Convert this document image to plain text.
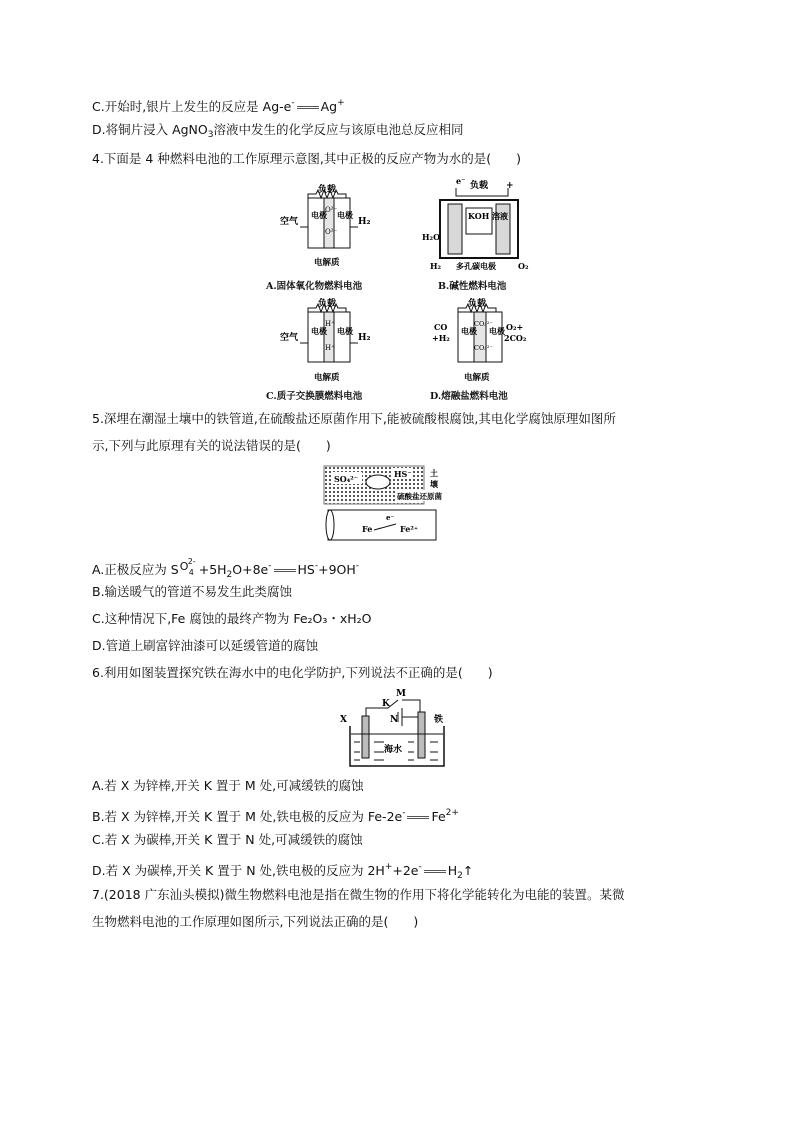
C.开始时,银片上发生的反应是 Ag-e- Ag+
D.将铜片浸入 AgNO$_3$溶液中发生的化学反应与该原电池总反应相同
4.下面是 4 种燃料电池的工作原理示意图,其中正极的反应产物为水的是(　　)
负载
电极 电极
O²⁻
O²⁻
空气	H₂
电解质
A.固体氧化物燃料电池
e⁻ 负载 +
KOH 溶液
H₂O
H₂ 多孔碳电极	O₂
B.碱性燃料电池
负载
电极 电极
H⁺
H⁺
空气	H₂
电解质
C.质子交换膜燃料电池
负载
电极 电极
CO₃²⁻
CO₃²⁻
CO
+H₂
O₂+
2CO₂
电解质
D.熔融盐燃料电池
5.深埋在潮湿土壤中的铁管道,在硫酸盐还原菌作用下,能被硫酸根腐蚀,其电化学腐蚀原理如图所
示,下列与此原理有关的说法错误的是(　　)
SO₄²⁻	HS⁻
硫酸盐还原菌
土
壤
Fe
e⁻
Fe²⁺
A.正极反应为 S O 2-
$4 +5H_2O+8e^-$ HS-+9OH-
B.输送暖气的管道不易发生此类腐蚀
C.这种情况下,Fe 腐蚀的最终产物为 Fe₂O₃・xH₂O
D.管道上刷富锌油漆可以延缓管道的腐蚀
6.利用如图装置探究铁在海水中的电化学防护,下列说法不正确的是(　　)
M
K
N
X	铁
海水
A.若 X 为锌棒,开关 K 置于 M 处,可减缓铁的腐蚀
B.若 X 为锌棒,开关 K 置于 M 处,铁电极的反应为 Fe-2e- $Fe^{2+}$
C.若 X 为碳棒,开关 K 置于 N 处,可减缓铁的腐蚀
D.若 X 为碳棒,开关 K 置于 N 处,铁电极的反应为 2H++2e- $H_2↑$
7.(2018 广东汕头模拟)微生物燃料电池是指在微生物的作用下将化学能转化为电能的装置。某微
生物燃料电池的工作原理如图所示,下列说法正确的是(　　)
